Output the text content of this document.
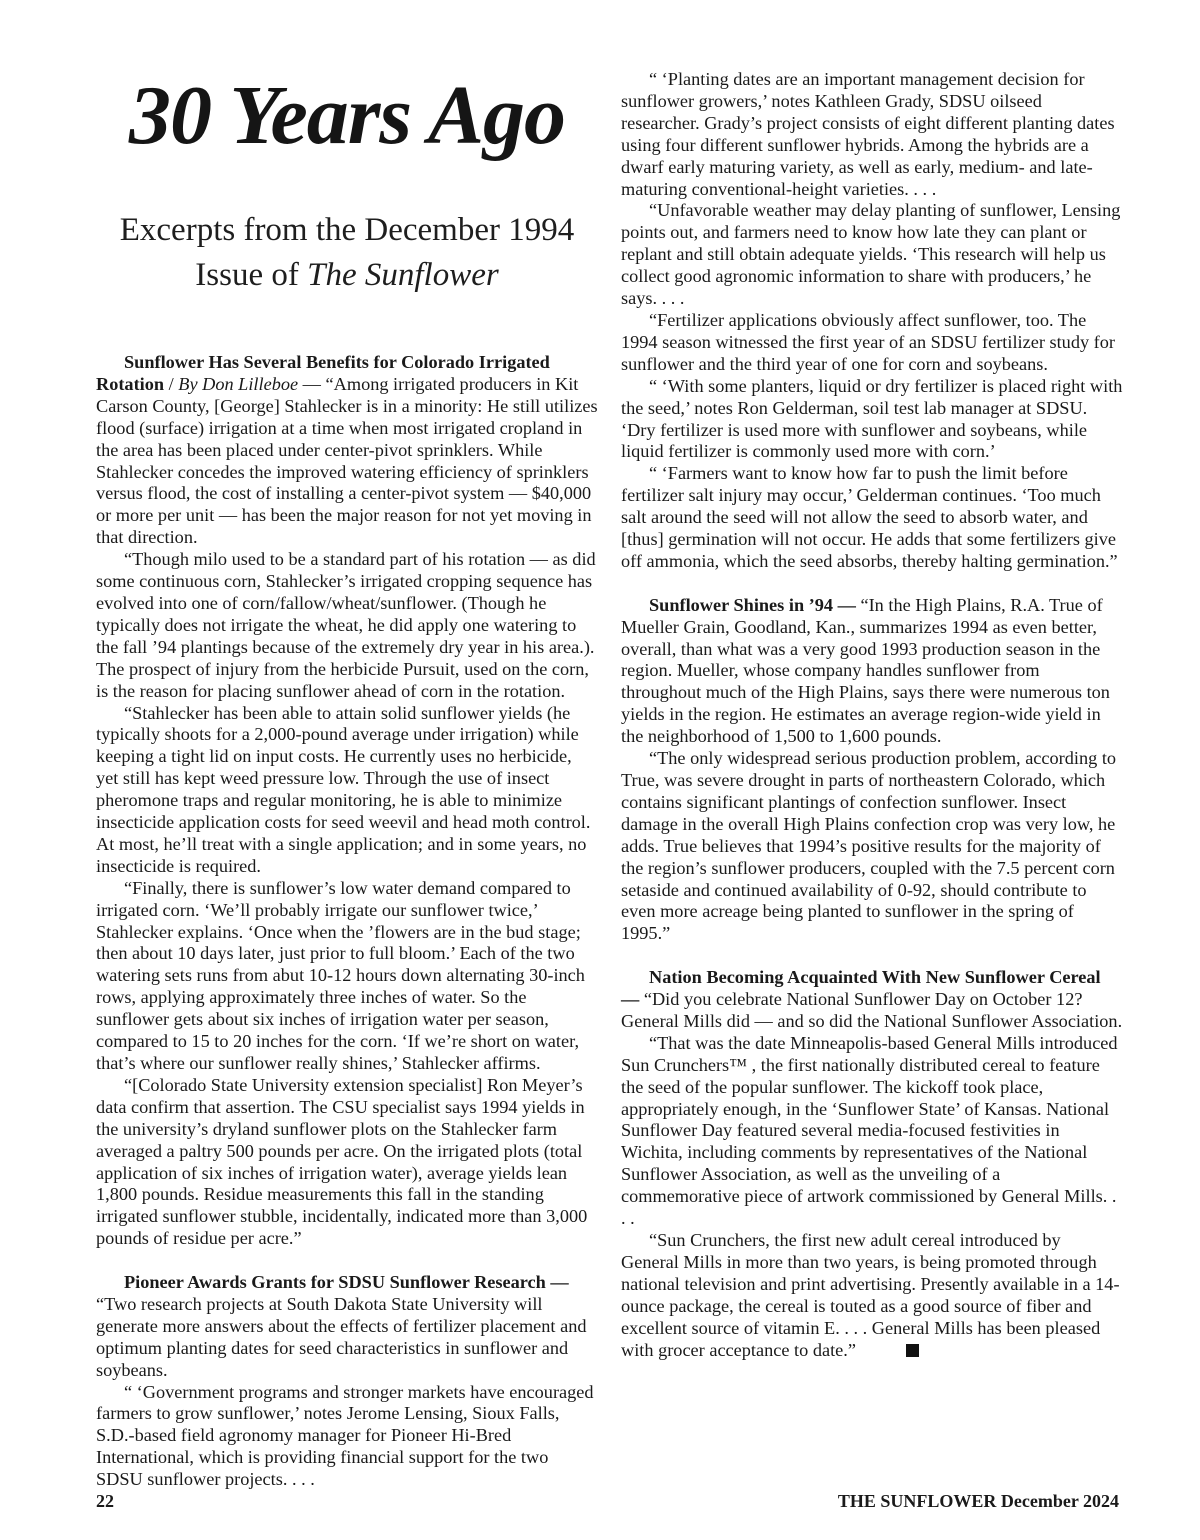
30 Years Ago
Excerpts from the December 1994
Issue of The Sunflower

Sunflower Has Several Benefits for Colorado Irrigated Rotation / By Don Lilleboe — “Among irrigated producers in Kit Carson County, [George] Stahlecker is in a minority: He still utilizes flood (surface) irrigation at a time when most irrigated cropland in the area has been placed under center-pivot sprinklers. While Stahlecker concedes the improved watering efficiency of sprinklers versus flood, the cost of installing a center-pivot system — $40,000 or more per unit — has been the major reason for not yet moving in that direction.

“Though milo used to be a standard part of his rotation — as did some continuous corn, Stahlecker’s irrigated cropping sequence has evolved into one of corn/fallow/wheat/sunflower. (Though he typically does not irrigate the wheat, he did apply one watering to the fall ’94 plantings because of the extremely dry year in his area.). The prospect of injury from the herbicide Pursuit, used on the corn, is the reason for placing sunflower ahead of corn in the rotation.

“Stahlecker has been able to attain solid sunflower yields (he typically shoots for a 2,000-pound average under irrigation) while keeping a tight lid on input costs. He currently uses no herbicide, yet still has kept weed pressure low. Through the use of insect pheromone traps and regular monitoring, he is able to minimize insecticide application costs for seed weevil and head moth control. At most, he’ll treat with a single application; and in some years, no insecticide is required.

“Finally, there is sunflower’s low water demand compared to irrigated corn. ‘We’ll probably irrigate our sunflower twice,’ Stahlecker explains. ‘Once when the ’flowers are in the bud stage; then about 10 days later, just prior to full bloom.’ Each of the two watering sets runs from abut 10-12 hours down alternating 30-inch rows, applying approximately three inches of water. So the sunflower gets about six inches of irrigation water per season, compared to 15 to 20 inches for the corn. ‘If we’re short on water, that’s where our sunflower really shines,’ Stahlecker affirms.

“[Colorado State University extension specialist] Ron Meyer’s data confirm that assertion. The CSU specialist says 1994 yields in the university’s dryland sunflower plots on the Stahlecker farm averaged a paltry 500 pounds per acre. On the irrigated plots (total application of six inches of irrigation water), average yields lean 1,800 pounds. Residue measurements this fall in the standing irrigated sunflower stubble, incidentally, indicated more than 3,000 pounds of residue per acre.”

Pioneer Awards Grants for SDSU Sunflower Research — “Two research projects at South Dakota State University will generate more answers about the effects of fertilizer placement and optimum planting dates for seed characteristics in sunflower and soybeans.

“ ‘Government programs and stronger markets have encouraged farmers to grow sunflower,’ notes Jerome Lensing, Sioux Falls, S.D.-based field agronomy manager for Pioneer Hi-Bred International, which is providing financial support for the two SDSU sunflower projects. . . .

“ ‘Planting dates are an important management decision for sunflower growers,’ notes Kathleen Grady, SDSU oilseed researcher. Grady’s project consists of eight different planting dates using four different sunflower hybrids. Among the hybrids are a dwarf early maturing variety, as well as early, medium- and late-maturing conventional-height varieties. . . .

“Unfavorable weather may delay planting of sunflower, Lensing points out, and farmers need to know how late they can plant or replant and still obtain adequate yields. ‘This research will help us collect good agronomic information to share with producers,’ he says. . . .

“Fertilizer applications obviously affect sunflower, too. The 1994 season witnessed the first year of an SDSU fertilizer study for sunflower and the third year of one for corn and soybeans.

“ ‘With some planters, liquid or dry fertilizer is placed right with the seed,’ notes Ron Gelderman, soil test lab manager at SDSU. ‘Dry fertilizer is used more with sunflower and soybeans, while liquid fertilizer is commonly used more with corn.’

“ ‘Farmers want to know how far to push the limit before fertilizer salt injury may occur,’ Gelderman continues. ‘Too much salt around the seed will not allow the seed to absorb water, and [thus] germination will not occur. He adds that some fertilizers give off ammonia, which the seed absorbs, thereby halting germination.”

Sunflower Shines in ’94 — “In the High Plains, R.A. True of Mueller Grain, Goodland, Kan., summarizes 1994 as even better, overall, than what was a very good 1993 production season in the region. Mueller, whose company handles sunflower from throughout much of the High Plains, says there were numerous ton yields in the region. He estimates an average region-wide yield in the neighborhood of 1,500 to 1,600 pounds.

“The only widespread serious production problem, according to True, was severe drought in parts of northeastern Colorado, which contains significant plantings of confection sunflower. Insect damage in the overall High Plains confection crop was very low, he adds. True believes that 1994’s positive results for the majority of the region’s sunflower producers, coupled with the 7.5 percent corn setaside and continued availability of 0-92, should contribute to even more acreage being planted to sunflower in the spring of 1995.”

Nation Becoming Acquainted With New Sunflower Cereal — “Did you celebrate National Sunflower Day on October 12? General Mills did — and so did the National Sunflower Association.

“That was the date Minneapolis-based General Mills introduced Sun Crunchers™ , the first nationally distributed cereal to feature the seed of the popular sunflower. The kickoff took place, appropriately enough, in the ‘Sunflower State’ of Kansas. National Sunflower Day featured several media-focused festivities in Wichita, including comments by representatives of the National Sunflower Association, as well as the unveiling of a commemorative piece of artwork commissioned by General Mills. . . .

“Sun Crunchers, the first new adult cereal introduced by General Mills in more than two years, is being promoted through national television and print advertising. Presently available in a 14-ounce package, the cereal is touted as a good source of fiber and excellent source of vitamin E. . . . General Mills has been pleased with grocer acceptance to date.”

22	THE SUNFLOWER December 2024
